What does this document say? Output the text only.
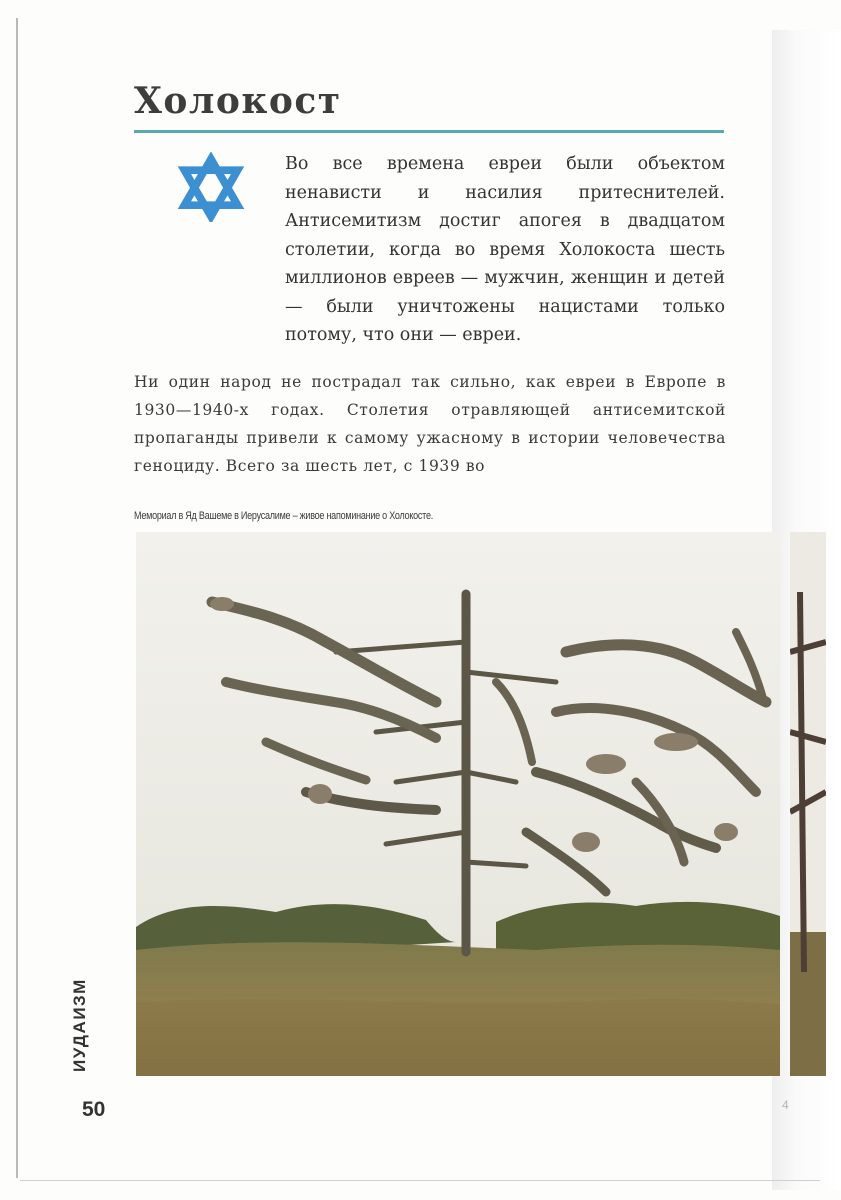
Холокост

Во все времена евреи были объектом ненависти и насилия притеснителей. Антисемитизм достиг апогея в двадцатом столетии, когда во время Холокоста шесть миллионов евреев — мужчин, женщин и детей — были уничтожены нацистами только потому, что они — евреи.

Ни один народ не пострадал так сильно, как евреи в Европе в 1930—1940-х годах. Столетия отравляющей антисемитской пропаганды привели к самому ужасному в истории человечества геноциду. Всего за шесть лет, с 1939 во

Мемориал в Яд Вашеме в Иерусалиме – живое напоминание о Холокосте.
ИУДАИЗМ
50	4
